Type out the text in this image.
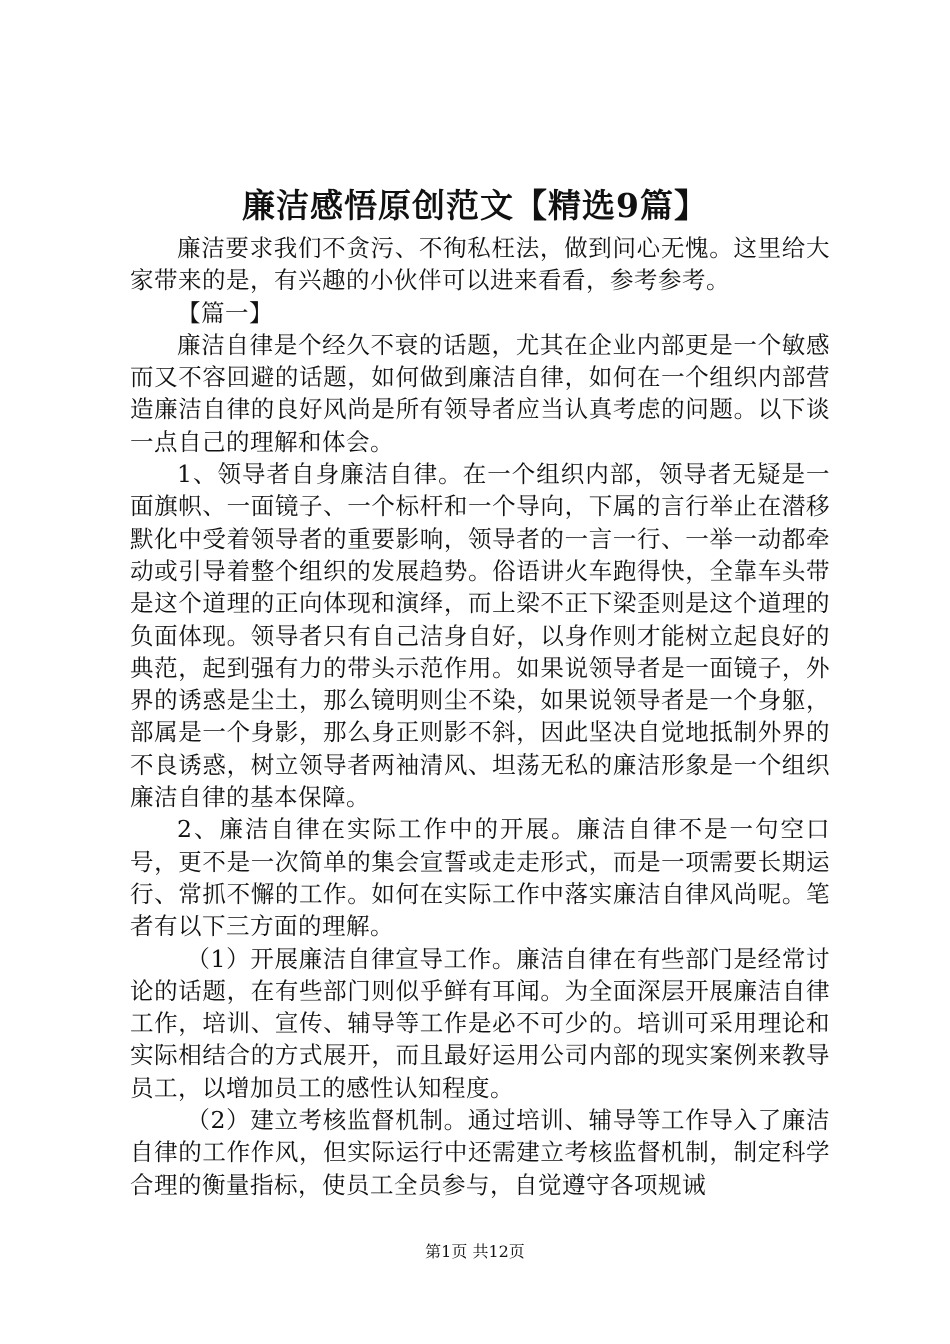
廉洁感悟原创范文【精选9篇】

廉洁要求我们不贪污、不徇私枉法，做到问心无愧。这里给大家带来的是，有兴趣的小伙伴可以进来看看，参考参考。

【篇一】

廉洁自律是个经久不衰的话题，尤其在企业内部更是一个敏感而又不容回避的话题，如何做到廉洁自律，如何在一个组织内部营造廉洁自律的良好风尚是所有领导者应当认真考虑的问题。以下谈一点自己的理解和体会。

1、领导者自身廉洁自律。在一个组织内部，领导者无疑是一面旗帜、一面镜子、一个标杆和一个导向，下属的言行举止在潜移默化中受着领导者的重要影响，领导者的一言一行、一举一动都牵动或引导着整个组织的发展趋势。俗语讲火车跑得快，全靠车头带是这个道理的正向体现和演绎，而上梁不正下梁歪则是这个道理的负面体现。领导者只有自己洁身自好，以身作则才能树立起良好的典范，起到强有力的带头示范作用。如果说领导者是一面镜子，外界的诱惑是尘土，那么镜明则尘不染，如果说领导者是一个身躯，部属是一个身影，那么身正则影不斜，因此坚决自觉地抵制外界的不良诱惑，树立领导者两袖清风、坦荡无私的廉洁形象是一个组织廉洁自律的基本保障。

2、廉洁自律在实际工作中的开展。廉洁自律不是一句空口号，更不是一次简单的集会宣誓或走走形式，而是一项需要长期运行、常抓不懈的工作。如何在实际工作中落实廉洁自律风尚呢。笔者有以下三方面的理解。

（1）开展廉洁自律宣导工作。廉洁自律在有些部门是经常讨论的话题，在有些部门则似乎鲜有耳闻。为全面深层开展廉洁自律工作，培训、宣传、辅导等工作是必不可少的。培训可采用理论和实际相结合的方式展开，而且最好运用公司内部的现实案例来教导员工，以增加员工的感性认知程度。

（2）建立考核监督机制。通过培训、辅导等工作导入了廉洁自律的工作作风，但实际运行中还需建立考核监督机制，制定科学合理的衡量指标，使员工全员参与，自觉遵守各项规诫

第1页 共12页
